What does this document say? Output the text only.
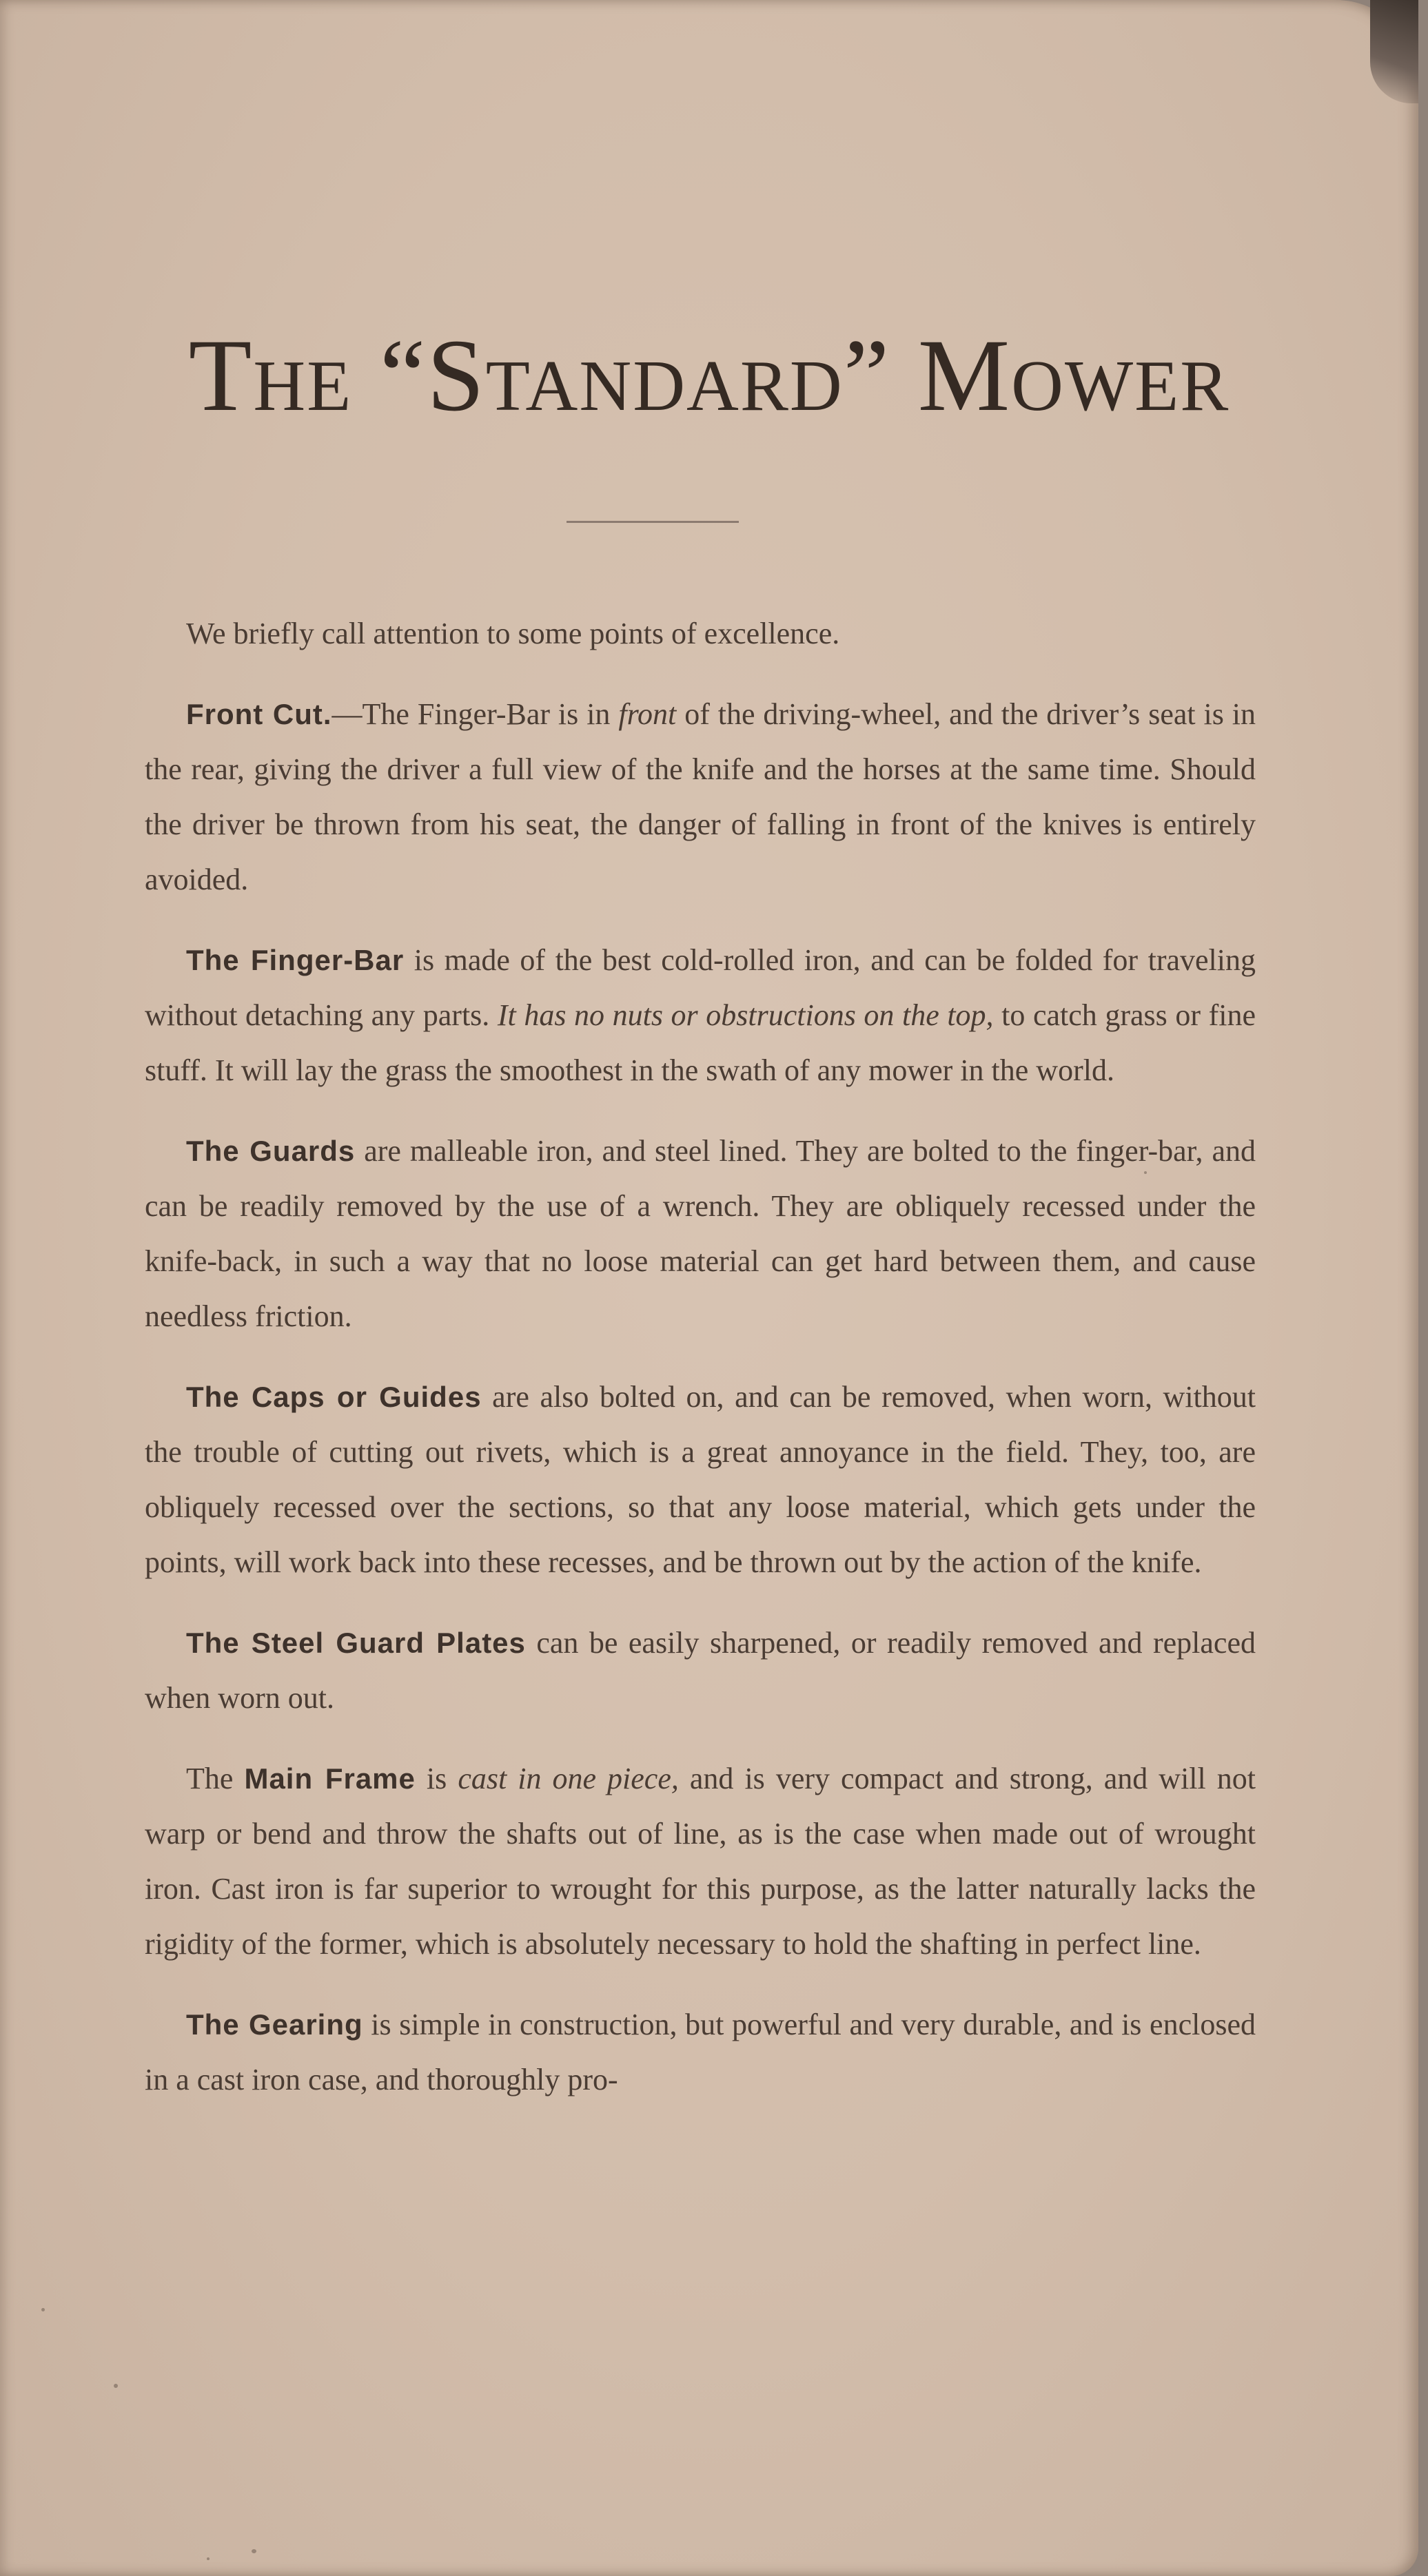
The “Standard” Mower

We briefly call attention to some points of excellence.

Front Cut.—The Finger-Bar is in front of the driving-wheel, and the driver’s seat is in the rear, giving the driver a full view of the knife and the horses at the same time. Should the driver be thrown from his seat, the danger of falling in front of the knives is entirely avoided.

The Finger-Bar is made of the best cold-rolled iron, and can be folded for traveling without detaching any parts. It has no nuts or obstructions on the top, to catch grass or fine stuff. It will lay the grass the smoothest in the swath of any mower in the world.

The Guards are malleable iron, and steel lined. They are bolted to the finger-bar, and can be readily removed by the use of a wrench. They are obliquely recessed under the knife-back, in such a way that no loose material can get hard between them, and cause needless friction.

The Caps or Guides are also bolted on, and can be removed, when worn, without the trouble of cutting out rivets, which is a great annoyance in the field. They, too, are obliquely recessed over the sections, so that any loose material, which gets under the points, will work back into these recesses, and be thrown out by the action of the knife.

The Steel Guard Plates can be easily sharpened, or readily removed and replaced when worn out.

The Main Frame is cast in one piece, and is very compact and strong, and will not warp or bend and throw the shafts out of line, as is the case when made out of wrought iron. Cast iron is far superior to wrought for this purpose, as the latter naturally lacks the rigidity of the former, which is absolutely necessary to hold the shafting in perfect line.

The Gearing is simple in construction, but powerful and very durable, and is enclosed in a cast iron case, and thoroughly pro-
